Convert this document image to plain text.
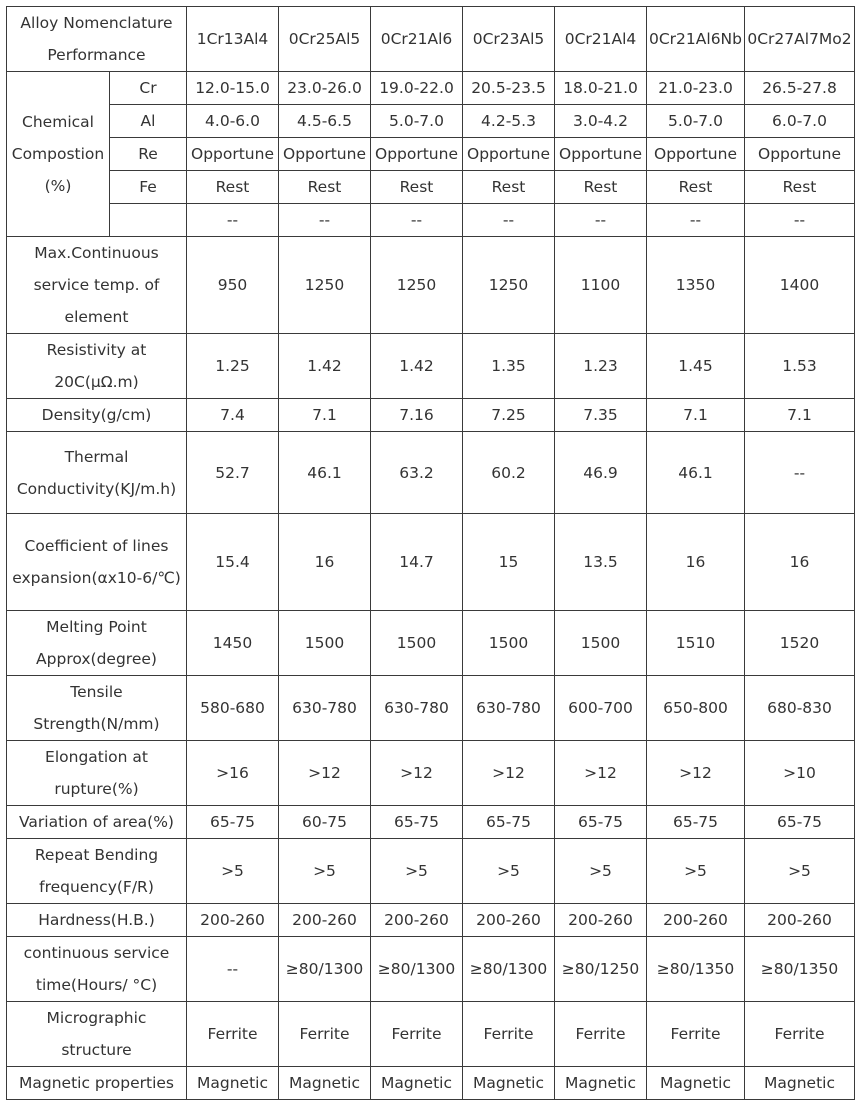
Alloy Nomenclature Performance		1Cr13Al4	0Cr25Al5	0Cr21Al6	0Cr23Al5	0Cr21Al4	0Cr21Al6Nb	0Cr27Al7Mo2
Chemical Compostion (%)	Cr	12.0-15.0	23.0-26.0	19.0-22.0	20.5-23.5	18.0-21.0	21.0-23.0	26.5-27.8
	Al	4.0-6.0	4.5-6.5	5.0-7.0	4.2-5.3	3.0-4.2	5.0-7.0	6.0-7.0
	Re	Opportune	Opportune	Opportune	Opportune	Opportune	Opportune	Opportune
	Fe	Rest	Rest	Rest	Rest	Rest	Rest	Rest
		--	--	--	--	--	--	--
Max.Continuous service temp. of element		950	1250	1250	1250	1100	1350	1400
Resistivity at 20C(μΩ.m)		1.25	1.42	1.42	1.35	1.23	1.45	1.53
Density(g/cm)		7.4	7.1	7.16	7.25	7.35	7.1	7.1
Thermal Conductivity(KJ/m.h)		52.7	46.1	63.2	60.2	46.9	46.1	--
Coefficient of lines expansion(αx10-6/℃)		15.4	16	14.7	15	13.5	16	16
Melting Point Approx(degree)		1450	1500	1500	1500	1500	1510	1520
Tensile Strength(N/mm)		580-680	630-780	630-780	630-780	600-700	650-800	680-830
Elongation at rupture(%)		>16	>12	>12	>12	>12	>12	>10
Variation of area(%)		65-75	60-75	65-75	65-75	65-75	65-75	65-75
Repeat Bending frequency(F/R)		>5	>5	>5	>5	>5	>5	>5
Hardness(H.B.)		200-260	200-260	200-260	200-260	200-260	200-260	200-260
continuous service time(Hours/ °C)		--	≥80/1300	≥80/1300	≥80/1300	≥80/1250	≥80/1350	≥80/1350
Micrographic structure		Ferrite	Ferrite	Ferrite	Ferrite	Ferrite	Ferrite	Ferrite
Magnetic properties		Magnetic	Magnetic	Magnetic	Magnetic	Magnetic	Magnetic	Magnetic
